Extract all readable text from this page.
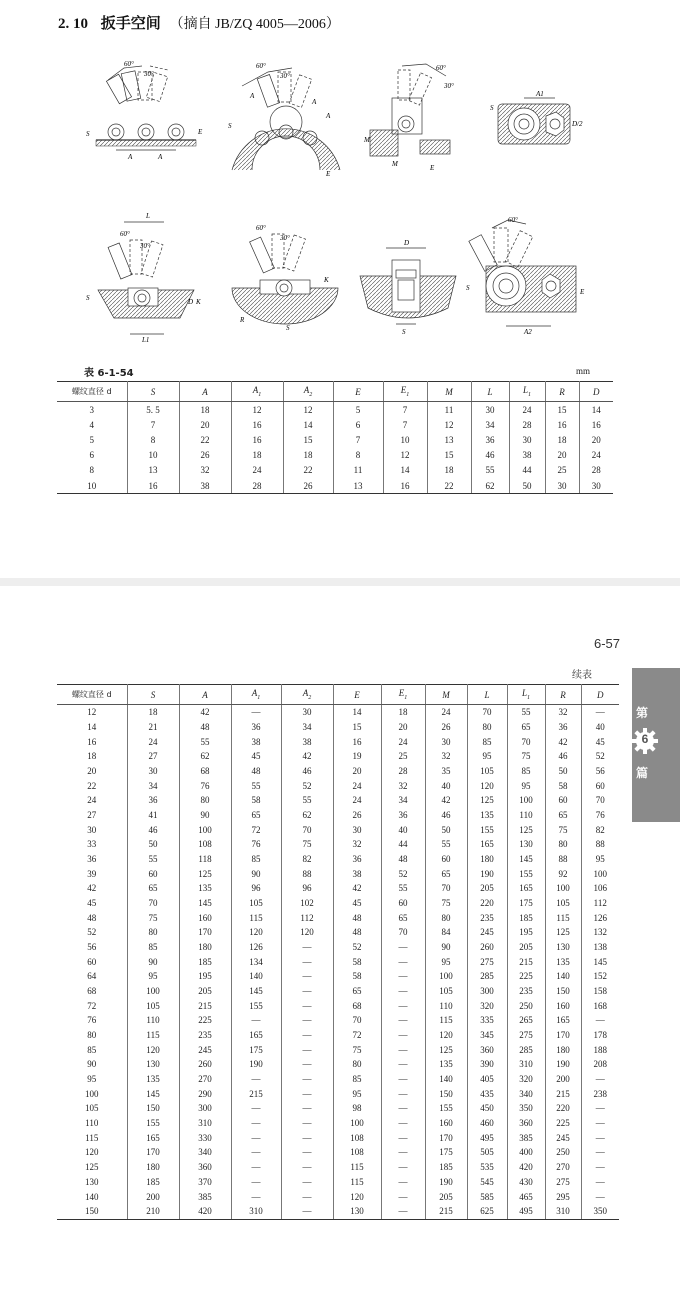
2. 10 扳手空间 （摘自 JB/ZQ 4005—2006）
60°
30°
S
A	A
E
60°
30°
S
A
A
A
E
60°
30°
M
M	E
A1
S
D/2
L
60°
30°
S	D K
L1
60°
30°
K
R
S
D
S
60°
S	E
A2
表 6-1-54	mm
螺纹直径 d	S	A	$A_1$	$A_2$	E	$E_1$	M	L	$L_1$	R	D
3	5. 5	18	12	12	5	7	11	30	24	15	14
4	7	20	16	14	6	7	12	34	28	16	16
5	8	22	16	15	7	10	13	36	30	18	20
6	10	26	18	18	8	12	15	46	38	20	24
8	13	32	24	22	11	14	18	55	44	25	28
10	16	38	28	26	13	16	22	62	50	30	30
6-57
续表
第
6
篇
螺纹直径 d	S	A	$A_1$	$A_2$	E	$E_1$	M	L	$L_1$	R	D
12	18	42	—	30	14	18	24	70	55	32	—
14	21	48	36	34	15	20	26	80	65	36	40
16	24	55	38	38	16	24	30	85	70	42	45
18	27	62	45	42	19	25	32	95	75	46	52
20	30	68	48	46	20	28	35	105	85	50	56
22	34	76	55	52	24	32	40	120	95	58	60
24	36	80	58	55	24	34	42	125	100	60	70
27	41	90	65	62	26	36	46	135	110	65	76
30	46	100	72	70	30	40	50	155	125	75	82
33	50	108	76	75	32	44	55	165	130	80	88
36	55	118	85	82	36	48	60	180	145	88	95
39	60	125	90	88	38	52	65	190	155	92	100
42	65	135	96	96	42	55	70	205	165	100	106
45	70	145	105	102	45	60	75	220	175	105	112
48	75	160	115	112	48	65	80	235	185	115	126
52	80	170	120	120	48	70	84	245	195	125	132
56	85	180	126	—	52	—	90	260	205	130	138
60	90	185	134	—	58	—	95	275	215	135	145
64	95	195	140	—	58	—	100	285	225	140	152
68	100	205	145	—	65	—	105	300	235	150	158
72	105	215	155	—	68	—	110	320	250	160	168
76	110	225	—	—	70	—	115	335	265	165	—
80	115	235	165	—	72	—	120	345	275	170	178
85	120	245	175	—	75	—	125	360	285	180	188
90	130	260	190	—	80	—	135	390	310	190	208
95	135	270	—	—	85	—	140	405	320	200	—
100	145	290	215	—	95	—	150	435	340	215	238
105	150	300	—	—	98	—	155	450	350	220	—
110	155	310	—	—	100	—	160	460	360	225	—
115	165	330	—	—	108	—	170	495	385	245	—
120	170	340	—	—	108	—	175	505	400	250	—
125	180	360	—	—	115	—	185	535	420	270	—
130	185	370	—	—	115	—	190	545	430	275	—
140	200	385	—	—	120	—	205	585	465	295	—
150	210	420	310	—	130	—	215	625	495	310	350
